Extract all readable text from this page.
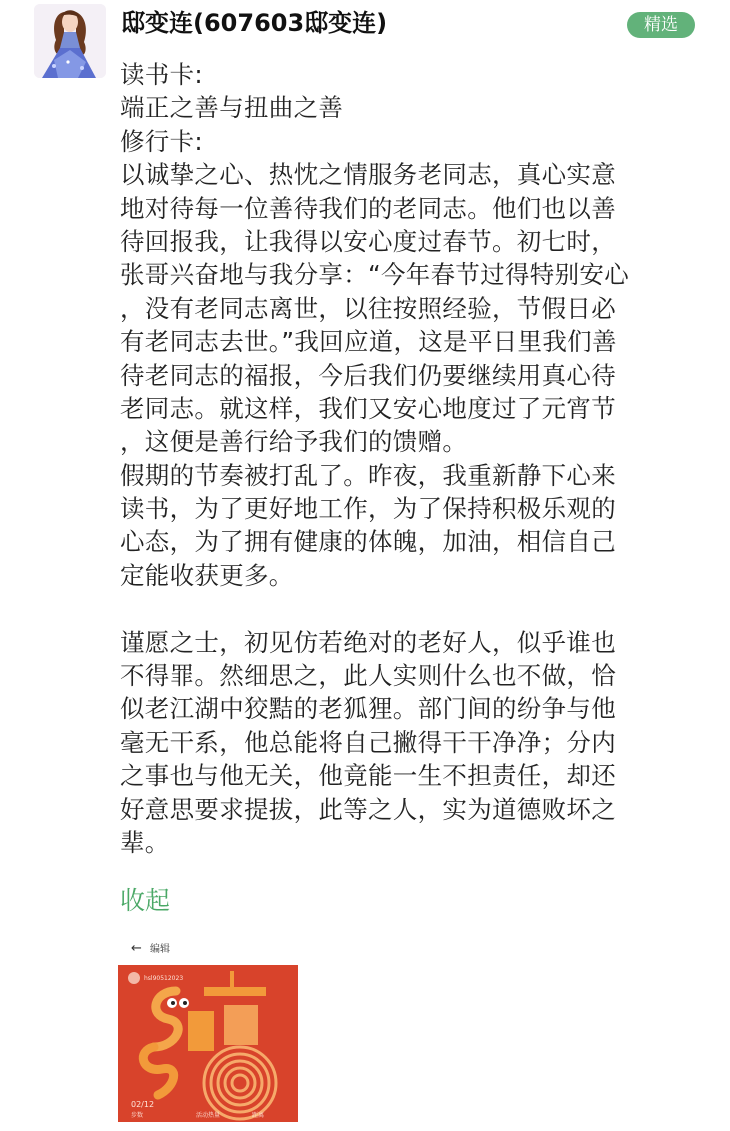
邸变连(607603邸变连)	精选
读书卡:
端正之善与扭曲之善
修行卡:
以诚挚之心、热忱之情服务老同志，真心实意
地对待每一位善待我们的老同志。他们也以善
待回报我，让我得以安心度过春节。初七时，
张哥兴奋地与我分享：“今年春节过得特别安心
，没有老同志离世，以往按照经验，节假日必
有老同志去世。”我回应道，这是平日里我们善
待老同志的福报，今后我们仍要继续用真心待
老同志。就这样，我们又安心地度过了元宵节
，这便是善行给予我们的馈赠。
假期的节奏被打乱了。昨夜，我重新静下心来
读书，为了更好地工作，为了保持积极乐观的
心态，为了拥有健康的体魄，加油，相信自己
定能收获更多。
谨愿之士，初见仿若绝对的老好人，似乎谁也
不得罪。然细思之，此人实则什么也不做，恰
似老江湖中狡黠的老狐狸。部门间的纷争与他
毫无干系，他总能将自己撇得干干净净；分内
之事也与他无关，他竟能一生不担责任，却还
好意思要求提拔，此等之人，实为道德败坏之
辈。
收起
← 编辑
hsl9051​2023
02/12
步数	活动热量	距离
